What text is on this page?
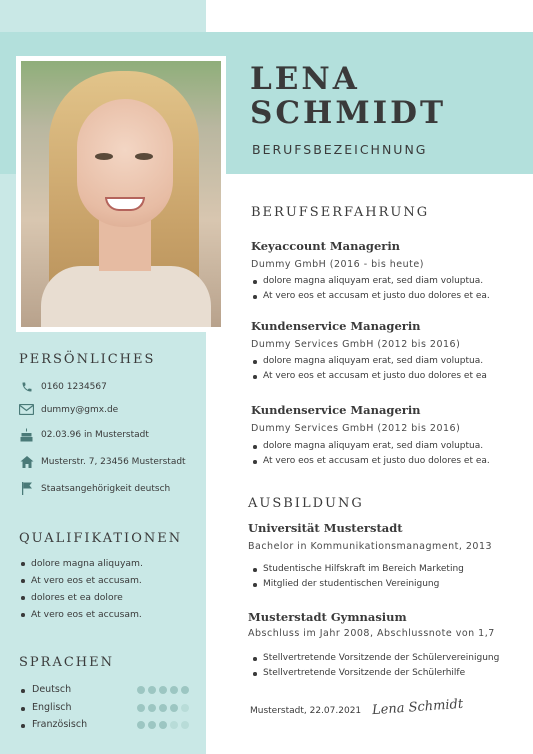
LENA
SCHMIDT
BERUFSBEZEICHNUNG
PERSÖNLICHES
0160 1234567
dummy@gmx.de
02.03.96 in Musterstadt
Musterstr. 7, 23456 Musterstadt
Staatsangehörigkeit deutsch
QUALIFIKATIONEN
dolore magna aliquyam.
At vero eos et accusam.
dolores et ea dolore
At vero eos et accusam.
SPRACHEN
Deutsch
Englisch
Französisch
BERUFSERFAHRUNG
Keyaccount Managerin
Dummy GmbH (2016 - bis heute)
dolore magna aliquyam erat, sed diam voluptua.
At vero eos et accusam et justo duo dolores et ea.
Kundenservice Managerin
Dummy Services GmbH (2012 bis 2016)
dolore magna aliquyam erat, sed diam voluptua.
At vero eos et accusam et justo duo dolores et ea
Kundenservice Managerin
Dummy Services GmbH (2012 bis 2016)
dolore magna aliquyam erat, sed diam voluptua.
At vero eos et accusam et justo duo dolores et ea.
AUSBILDUNG
Universität Musterstadt
Bachelor in Kommunikationsmanagment, 2013
Studentische Hilfskraft im Bereich Marketing
Mitglied der studentischen Vereinigung
Musterstadt Gymnasium
Abschluss im Jahr 2008, Abschlussnote von 1,7
Stellvertretende Vorsitzende der Schülervereinigung
Stellvertretende Vorsitzende der Schülerhilfe
Musterstadt, 22.07.2021 Lena Schmidt
